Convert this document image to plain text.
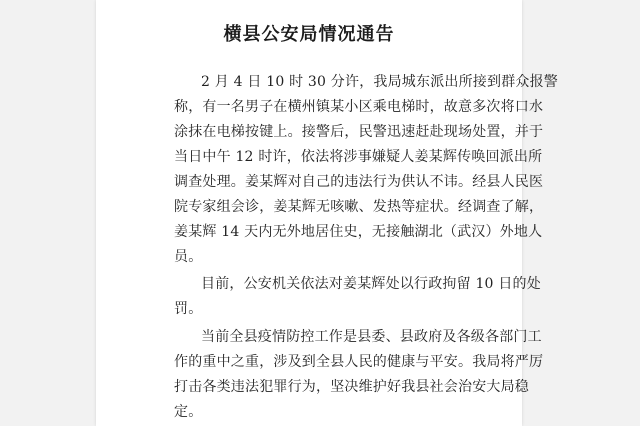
横县公安局情况通告
2 月 4 日 10 时 30 分许，我局城东派出所接到群众报警
称，有一名男子在横州镇某小区乘电梯时，故意多次将口水
涂抹在电梯按键上。接警后，民警迅速赶赴现场处置，并于
当日中午 12 时许，依法将涉事嫌疑人姜某辉传唤回派出所
调查处理。姜某辉对自己的违法行为供认不讳。经县人民医
院专家组会诊，姜某辉无咳嗽、发热等症状。经调查了解，
姜某辉 14 天内无外地居住史，无接触湖北（武汉）外地人
员。
目前，公安机关依法对姜某辉处以行政拘留 10 日的处
罚。
当前全县疫情防控工作是县委、县政府及各级各部门工
作的重中之重，涉及到全县人民的健康与平安。我局将严厉
打击各类违法犯罪行为，坚决维护好我县社会治安大局稳
定。
